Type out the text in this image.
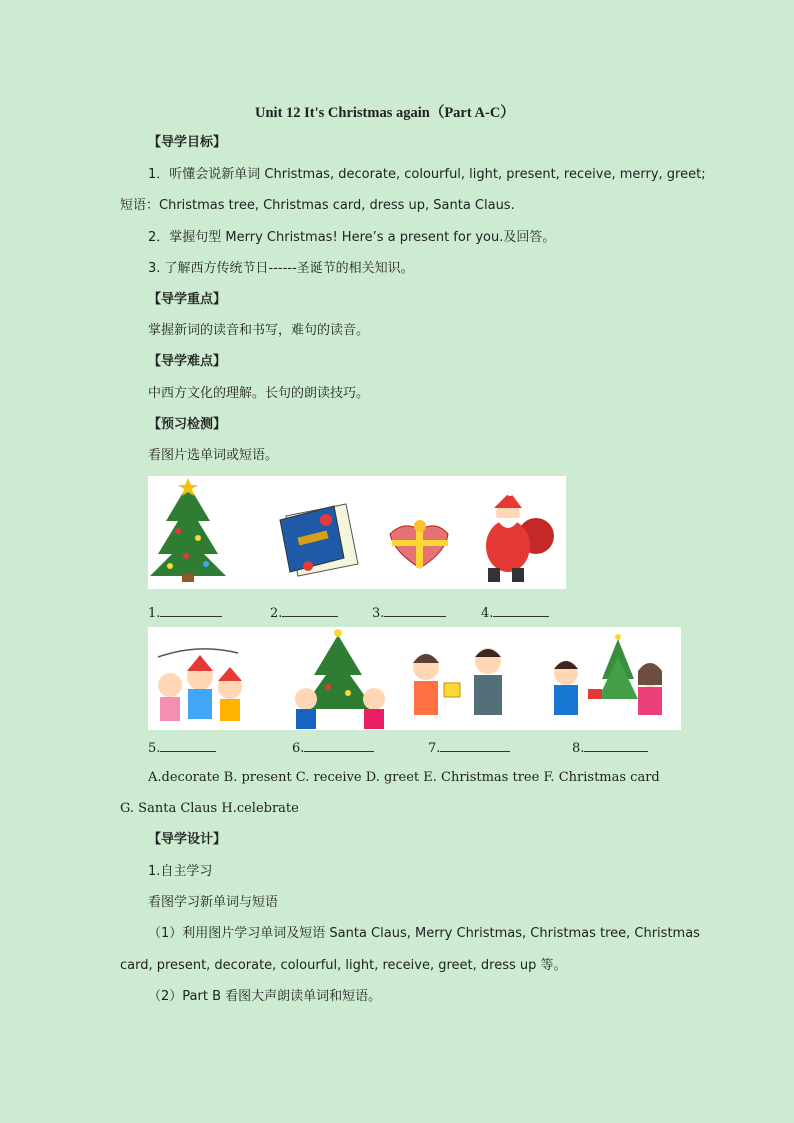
Unit 12 It's Christmas again（Part A-C）
【导学目标】
1．听懂会说新单词 Christmas, decorate, colourful, light, present, receive, merry, greet;
短语：Christmas tree, Christmas card, dress up, Santa Claus.
2．掌握句型 Merry Christmas! Here’s a present for you.及回答。
3. 了解西方传统节日------圣诞节的相关知识。
【导学重点】
掌握新词的读音和书写，难句的读音。
【导学难点】
中西方文化的理解。长句的朗读技巧。
【预习检测】
看图片选单词或短语。
1.	2.	3.	4.
5.	6.	7.	8.
A.decorate B. present C. receive D. greet E. Christmas tree F. Christmas card
G. Santa Claus H.celebrate
【导学设计】
1.自主学习
看图学习新单词与短语
（1）利用图片学习单词及短语 Santa Claus, Merry Christmas, Christmas tree, Christmas
card, present, decorate, colourful, light, receive, greet, dress up 等。
（2）Part B 看图大声朗读单词和短语。
